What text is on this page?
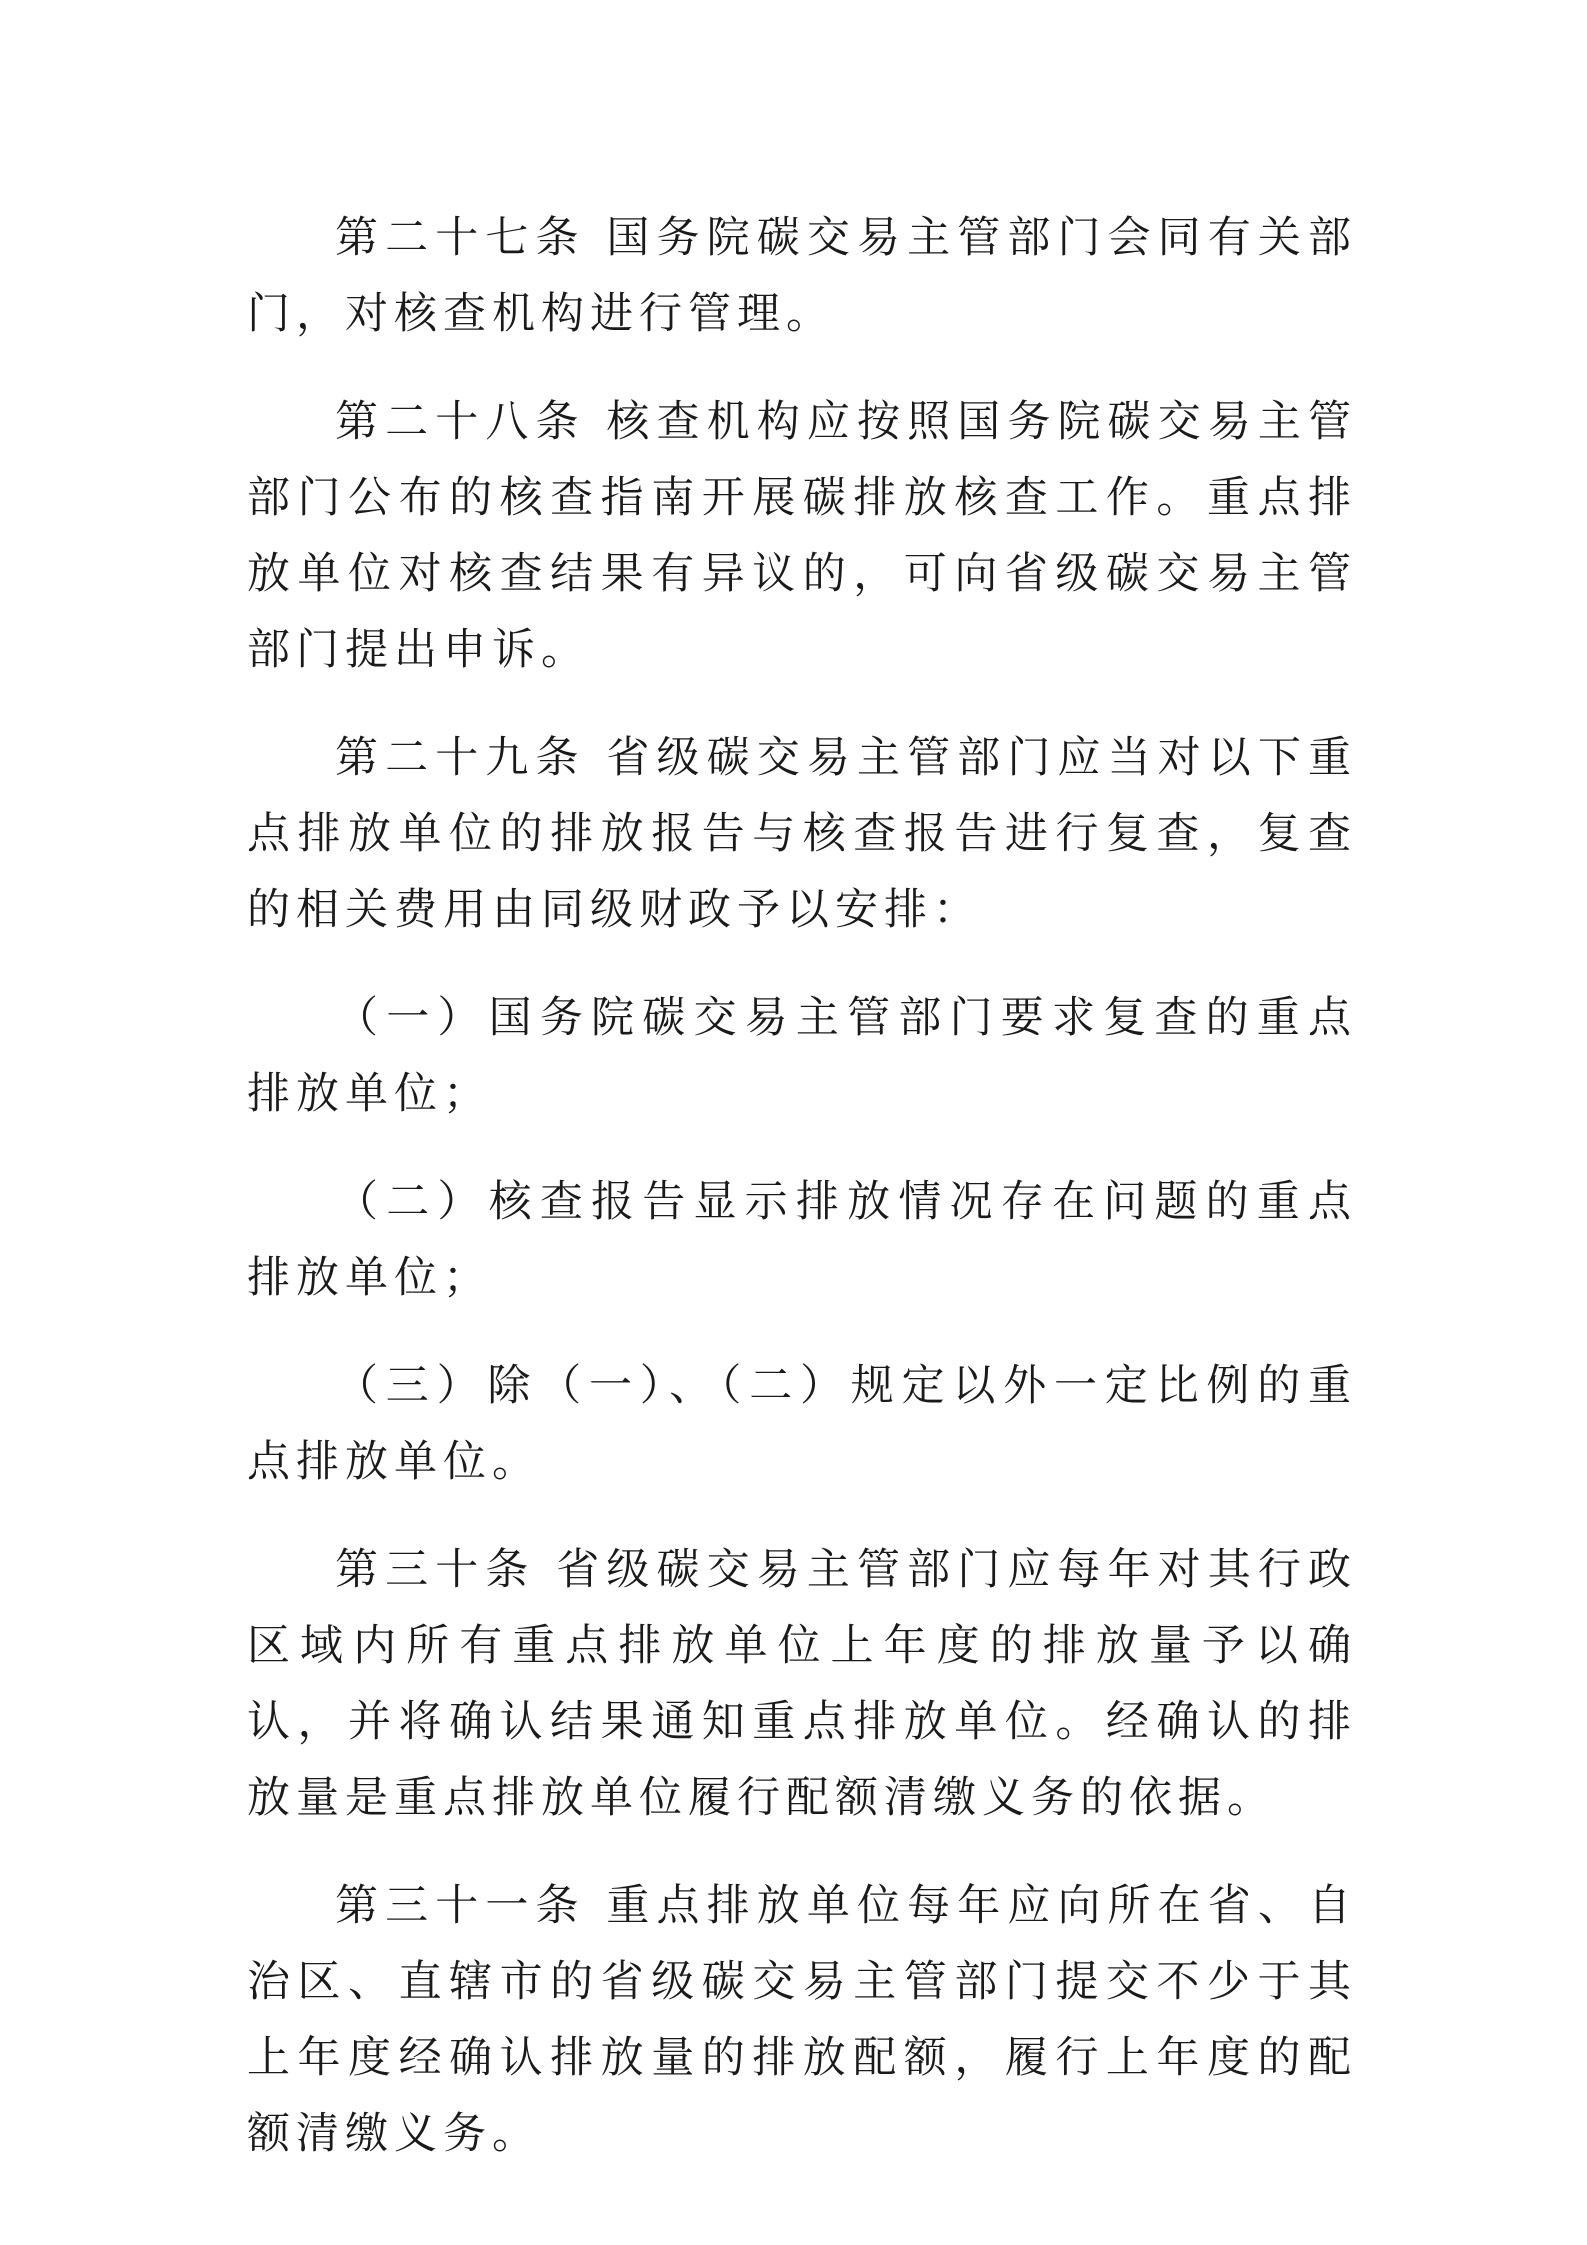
第二十七条 国务院碳交易主管部门会同有关部门，对核查机构进行管理。

第二十八条 核查机构应按照国务院碳交易主管部门公布的核查指南开展碳排放核查工作。重点排放单位对核查结果有异议的，可向省级碳交易主管部门提出申诉。

第二十九条 省级碳交易主管部门应当对以下重点排放单位的排放报告与核查报告进行复查，复查的相关费用由同级财政予以安排：

（一）国务院碳交易主管部门要求复查的重点排放单位；

（二）核查报告显示排放情况存在问题的重点排放单位；

（三）除（一）、（二）规定以外一定比例的重点排放单位。

第三十条 省级碳交易主管部门应每年对其行政区域内所有重点排放单位上年度的排放量予以确认，并将确认结果通知重点排放单位。经确认的排放量是重点排放单位履行配额清缴义务的依据。

第三十一条 重点排放单位每年应向所在省、自治区、直辖市的省级碳交易主管部门提交不少于其上年度经确认排放量的排放配额，履行上年度的配额清缴义务。
